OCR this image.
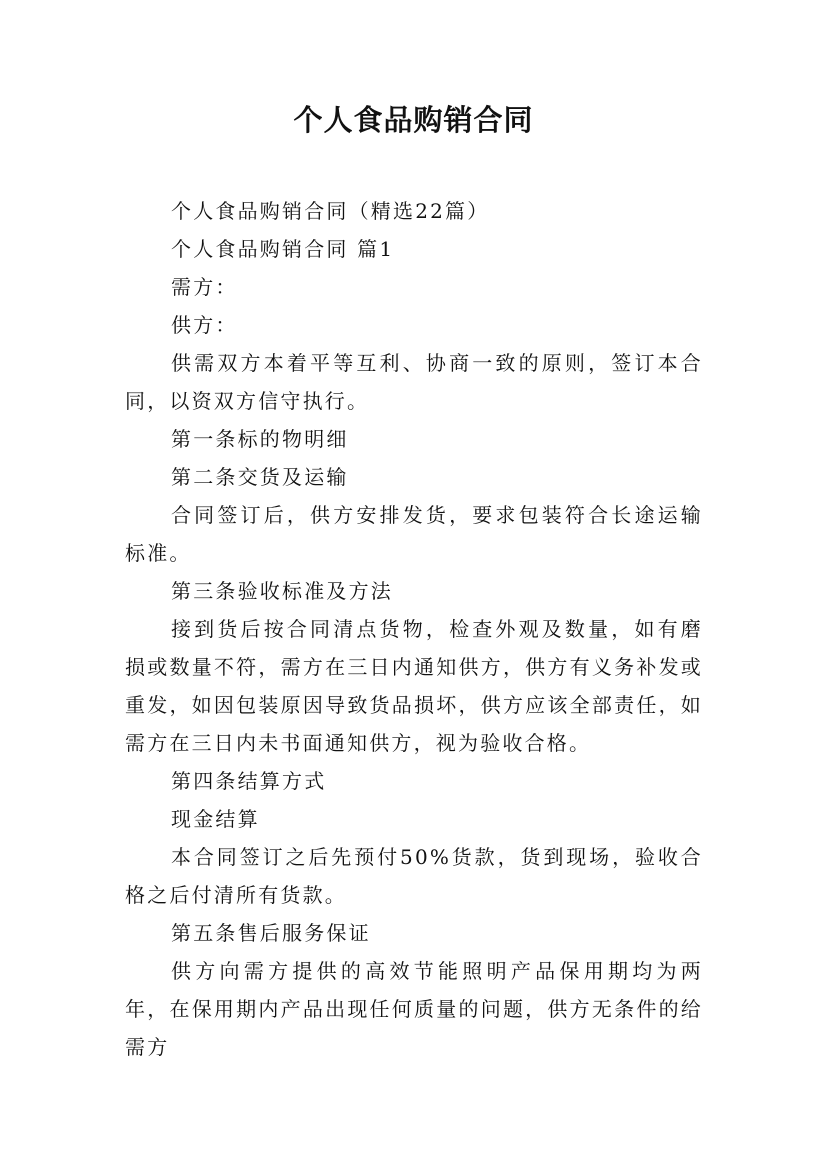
个人食品购销合同

个人食品购销合同（精选22篇）

个人食品购销合同 篇1

需方：

供方：

供需双方本着平等互利、协商一致的原则，签订本合同，以资双方信守执行。

第一条标的物明细

第二条交货及运输

合同签订后，供方安排发货，要求包装符合长途运输标准。

第三条验收标准及方法

接到货后按合同清点货物，检查外观及数量，如有磨损或数量不符，需方在三日内通知供方，供方有义务补发或重发，如因包装原因导致货品损坏，供方应该全部责任，如需方在三日内未书面通知供方，视为验收合格。

第四条结算方式

现金结算

本合同签订之后先预付50%货款，货到现场，验收合格之后付清所有货款。

第五条售后服务保证

供方向需方提供的高效节能照明产品保用期均为两年，在保用期内产品出现任何质量的问题，供方无条件的给需方
